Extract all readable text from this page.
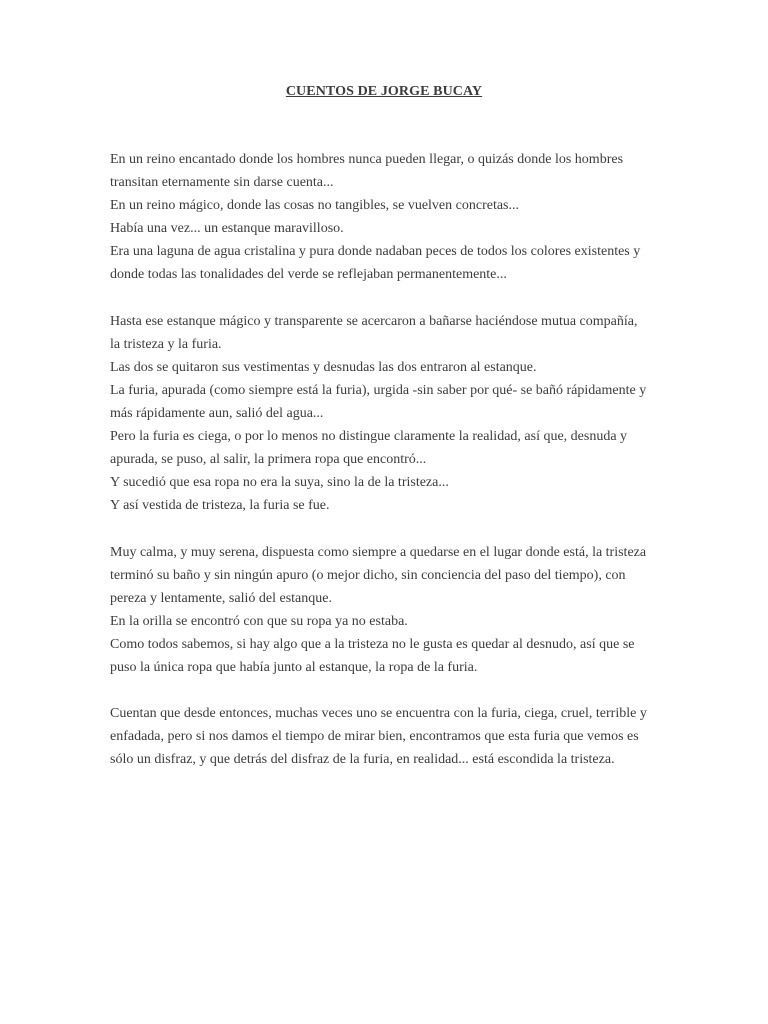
CUENTOS DE JORGE BUCAY

En un reino encantado donde los hombres nunca pueden llegar, o quizás donde los hombres
transitan eternamente sin darse cuenta...
En un reino mágico, donde las cosas no tangibles, se vuelven concretas...
Había una vez... un estanque maravilloso.
Era una laguna de agua cristalina y pura donde nadaban peces de todos los colores existentes y
donde todas las tonalidades del verde se reflejaban permanentemente...

Hasta ese estanque mágico y transparente se acercaron a bañarse haciéndose mutua compañía,
la tristeza y la furia.
Las dos se quitaron sus vestimentas y desnudas las dos entraron al estanque.
La furia, apurada (como siempre está la furia), urgida -sin saber por qué- se bañó rápidamente y
más rápidamente aun, salió del agua...
Pero la furia es ciega, o por lo menos no distingue claramente la realidad, así que, desnuda y
apurada, se puso, al salir, la primera ropa que encontró...
Y sucedió que esa ropa no era la suya, sino la de la tristeza...
Y así vestida de tristeza, la furia se fue.

Muy calma, y muy serena, dispuesta como siempre a quedarse en el lugar donde está, la tristeza
terminó su baño y sin ningún apuro (o mejor dicho, sin conciencia del paso del tiempo), con
pereza y lentamente, salió del estanque.
En la orilla se encontró con que su ropa ya no estaba.
Como todos sabemos, si hay algo que a la tristeza no le gusta es quedar al desnudo, así que se
puso la única ropa que había junto al estanque, la ropa de la furia.

Cuentan que desde entonces, muchas veces uno se encuentra con la furia, ciega, cruel, terrible y
enfadada, pero si nos damos el tiempo de mirar bien, encontramos que esta furia que vemos es
sólo un disfraz, y que detrás del disfraz de la furia, en realidad... está escondida la tristeza.
